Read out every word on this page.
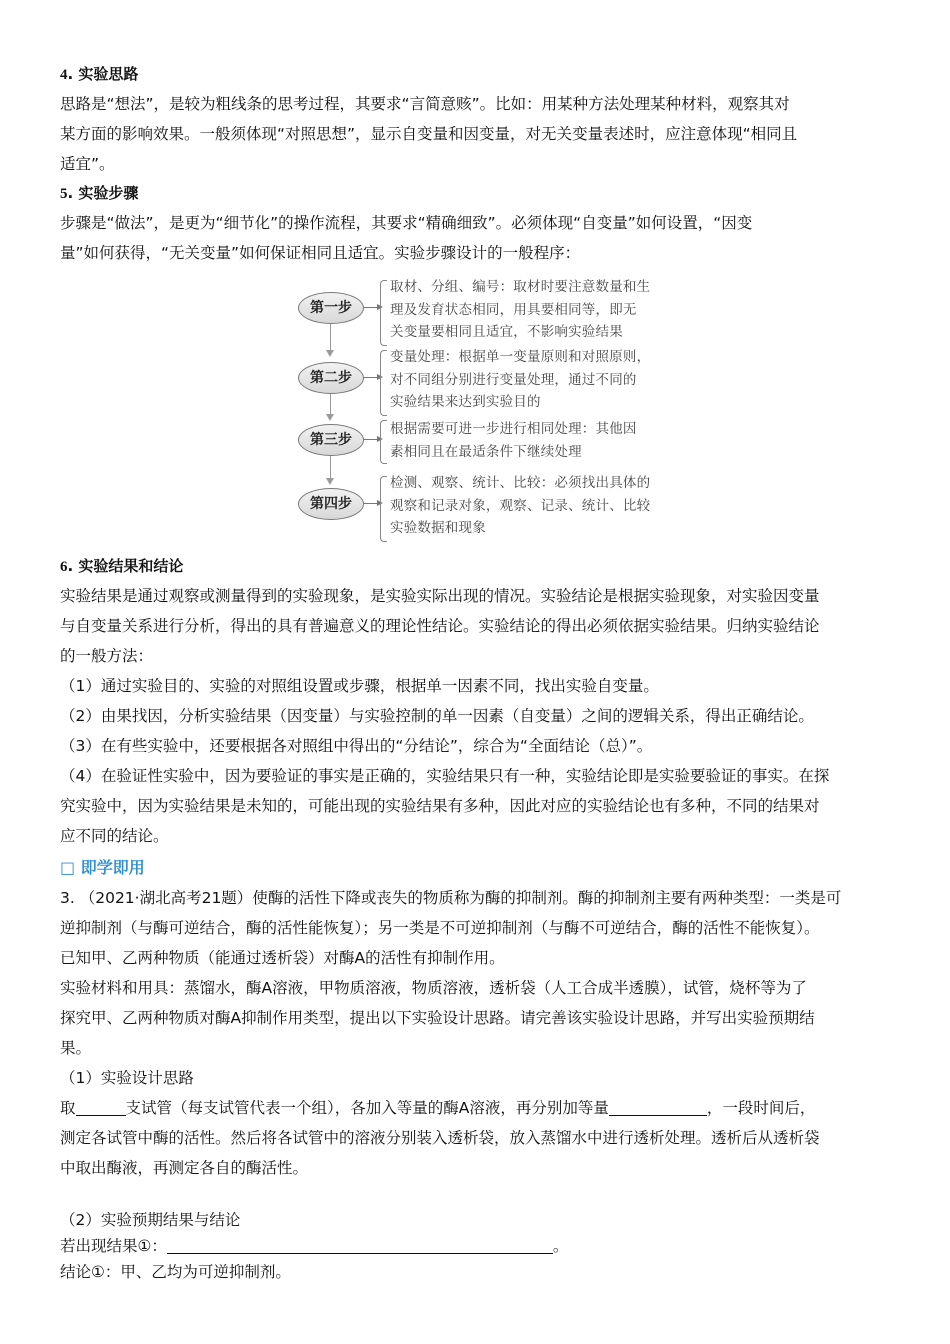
4. 实验思路
思路是“想法”，是较为粗线条的思考过程，其要求“言简意赅”。比如：用某种方法处理某种材料，观察其对
某方面的影响效果。一般须体现“对照思想”，显示自变量和因变量，对无关变量表述时，应注意体现“相同且
适宜”。
5. 实验步骤
步骤是“做法”，是更为“细节化”的操作流程，其要求“精确细致”。必须体现“自变量”如何设置，“因变
量”如何获得，“无关变量”如何保证相同且适宜。实验步骤设计的一般程序：
第一步
取材、分组、编号：取材时要注意数量和生
理及发育状态相同，用具要相同等，即无
关变量要相同且适宜，不影响实验结果
第二步
变量处理：根据单一变量原则和对照原则，
对不同组分别进行变量处理，通过不同的
实验结果来达到实验目的
第三步
根据需要可进一步进行相同处理：其他因
素相同且在最适条件下继续处理
第四步
检测、观察、统计、比较：必须找出具体的
观察和记录对象，观察、记录、统计、比较
实验数据和现象
6. 实验结果和结论
实验结果是通过观察或测量得到的实验现象，是实验实际出现的情况。实验结论是根据实验现象，对实验因变量
与自变量关系进行分析，得出的具有普遍意义的理论性结论。实验结论的得出必须依据实验结果。归纳实验结论
的一般方法：
（1）通过实验目的、实验的对照组设置或步骤，根据单一因素不同，找出实验自变量。
（2）由果找因，分析实验结果（因变量）与实验控制的单一因素（自变量）之间的逻辑关系，得出正确结论。
（3）在有些实验中，还要根据各对照组中得出的“分结论”，综合为“全面结论（总）”。
（4）在验证性实验中，因为要验证的事实是正确的，实验结果只有一种，实验结论即是实验要验证的事实。在探
究实验中，因为实验结果是未知的，可能出现的实验结果有多种，因此对应的实验结论也有多种，不同的结果对
应不同的结论。
□ 即学即用
3. （2021·湖北高考21题）使酶的活性下降或丧失的物质称为酶的抑制剂。酶的抑制剂主要有两种类型：一类是可
逆抑制剂（与酶可逆结合，酶的活性能恢复）；另一类是不可逆抑制剂（与酶不可逆结合，酶的活性不能恢复）。
已知甲、乙两种物质（能通过透析袋）对酶A的活性有抑制作用。
实验材料和用具：蒸馏水，酶A溶液，甲物质溶液，物质溶液，透析袋（人工合成半透膜），试管，烧杯等为了
探究甲、乙两种物质对酶A抑制作用类型，提出以下实验设计思路。请完善该实验设计思路，并写出实验预期结
果。
（1）实验设计思路
取	支试管（每支试管代表一个组），各加入等量的酶A溶液，再分别加等量	，一段时间后，
测定各试管中酶的活性。然后将各试管中的溶液分别装入透析袋，放入蒸馏水中进行透析处理。透析后从透析袋
中取出酶液，再测定各自的酶活性。
（2）实验预期结果与结论
若出现结果①：	。
结论①：甲、乙均为可逆抑制剂。
